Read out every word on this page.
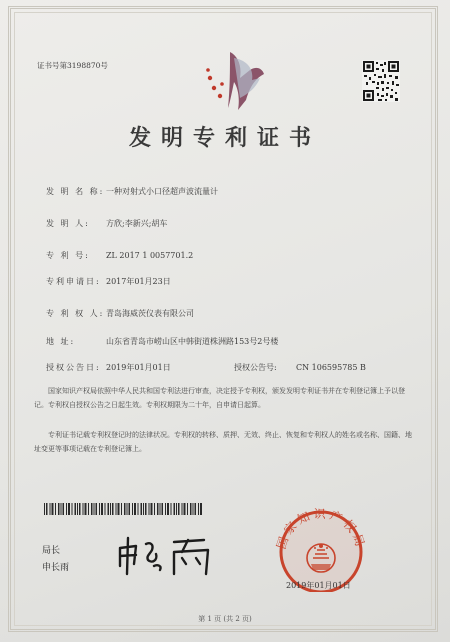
证书号第3198870号
发明专利证书
发 明 名 称: 一种对射式小口径超声波流量计
发 明 人: 方欣;李新兴;胡车
专 利 号: ZL 2017 1 0057701.2
专利申请日: 2017年01月23日
专 利 权 人: 青岛海威茨仪表有限公司
地 址:	山东省青岛市崂山区中韩街道株洲路153号2号楼
授权公告日: 2019年01月01日	授权公告号: CN 106595785 B
国家知识产权局依照中华人民共和国专利法进行审查，决定授予专利权，颁发发明专利证书并在专利登记簿上予以登记。专利权自授权公告之日起生效。专利权期限为二十年，自申请日起算。
专利证书记载专利权登记时的法律状况。专利权的转移、质押、无效、终止、恢复和专利权人的姓名或名称、国籍、地址变更等事项记载在专利登记簿上。
局长
申长雨
国家知识产权局
2019年01月01日
第 1 页 (共 2 页)
